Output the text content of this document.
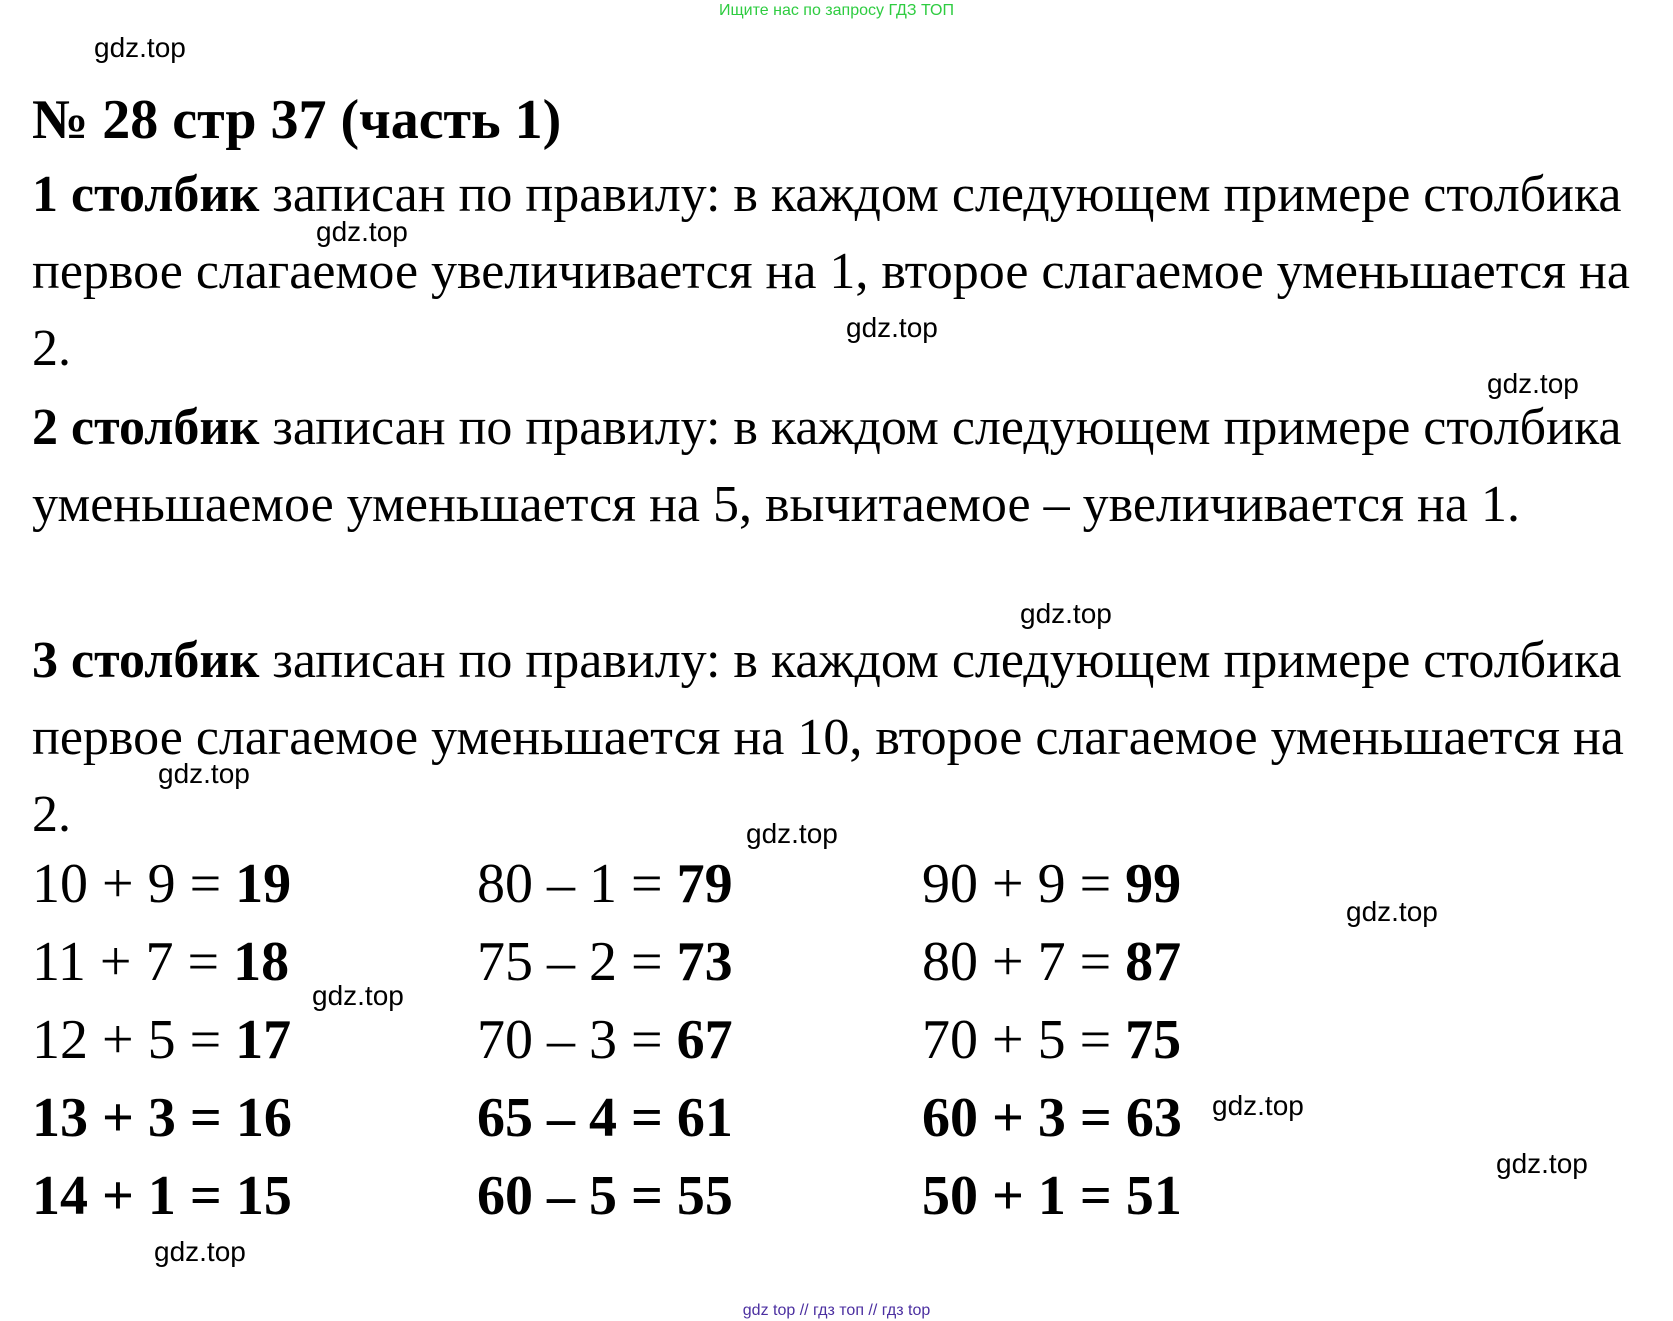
Ищите нас по запросу ГДЗ ТОП
gdz.top
gdz.top
gdz.top
gdz.top
gdz.top
gdz.top
gdz.top
gdz.top
gdz.top
gdz.top
gdz.top
gdz.top
№ 28 стр 37 (часть 1)

1 столбик записан по правилу: в каждом следующем примере столбика первое слагаемое увеличивается на 1, второе слагаемое уменьшается на 2.

2 столбик записан по правилу: в каждом следующем примере столбика уменьшаемое уменьшается на 5, вычитаемое – увеличивается на 1.

3 столбик записан по правилу: в каждом следующем примере столбика первое слагаемое уменьшается на 10, второе слагаемое уменьшается на 2.

10 + 9 = 19	80 – 1 = 79	90 + 9 = 99
11 + 7 = 18	75 – 2 = 73	80 + 7 = 87
12 + 5 = 17	70 – 3 = 67	70 + 5 = 75
13 + 3 = 16	65 – 4 = 61	60 + 3 = 63
14 + 1 = 15	60 – 5 = 55	50 + 1 = 51
gdz top // гдз топ // гдз top
